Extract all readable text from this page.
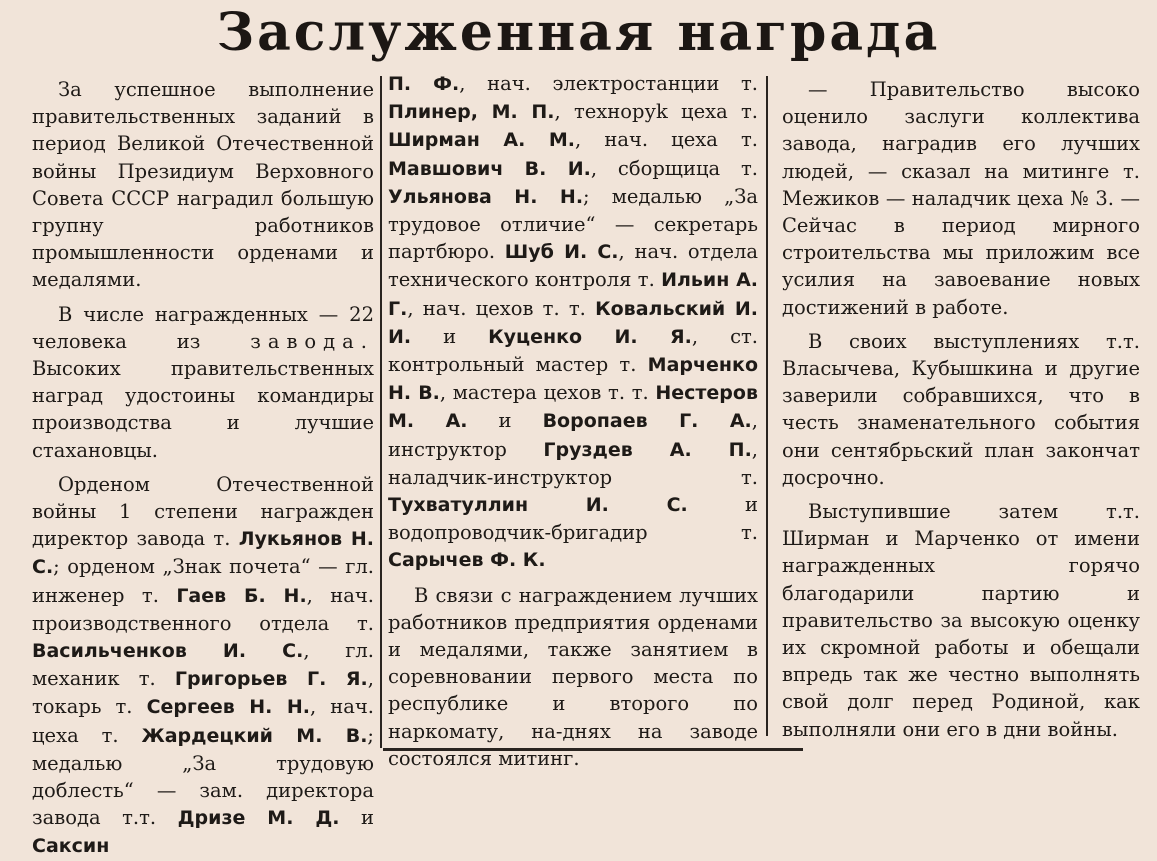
Заслуженная награда

За успешное выполнение правительственных заданий в период Великой Отечественной войны Президиум Верховного Совета СССР наградил большую групну работников промышленности орденами и медалями.

В числе награжденных — 22 человека из завода. Высоких правительственных наград удостоины командиры производства и лучшие стахановцы.

Орденом Отечественной войны 1 степени награжден директор завода т. Лукьянов Н. С.; орденом „Знак почета“ — гл. инженер т. Гаев Б. Н., нач. производственного отдела т. Васильченков И. С., гл. механик т. Григорьев Г. Я., токарь т. Сергеев Н. Н., нач. цеха т. Жардецкий М. В.; медалью „За трудовую доблесть“ — зам. директора завода т.т. Дризе М. Д. и Саксин

П. Ф., нач. электростанции т. Плинер, М. П., техноруk цеха т. Ширман А. М., нач. цеха т. Мавшович В. И., сборщица т. Ульянова Н. Н.; медалью „За трудовое отличие“ — секретарь партбюро. Шуб И. С., нач. отдела технического контроля т. Ильин А. Г., нач. цехов т. т. Ковальский И. И. и Куценко И. Я., ст. контрольный мастер т. Марченко Н. В., мастера цехов т. т. Нестеров М. А. и Воропаев Г. А., инструктор Груздев А. П., наладчик-инструктор т. Тухватуллин И. С. и водопроводчик-бригадир т. Сарычев Ф. К.

В связи с награждением лучших работников предприятия орденами и медалями, также занятием в соревновании первого места по республике и второго по наркомату, на-днях на заводе состоялся митинг.

— Правительство высоко оценило заслуги коллектива завода, наградив его лучших людей, — сказал на митинге т. Межиков — наладчик цеха № 3. — Сейчас в период мирного строительства мы приложим все усилия на завоевание новых достижений в работе.

В своих выступлениях т.т. Власычева, Кубышкина и другие заверили собравшихся, что в честь знаменательного события они сентябрьский план закончат досрочно.

Выступившие затем т.т. Ширман и Марченко от имени награжденных горячо благодарили партию и правительство за высокую оценку их скромной работы и обещали впредь так же честно выполнять свой долг перед Родиной, как выполняли они его в дни войны.
